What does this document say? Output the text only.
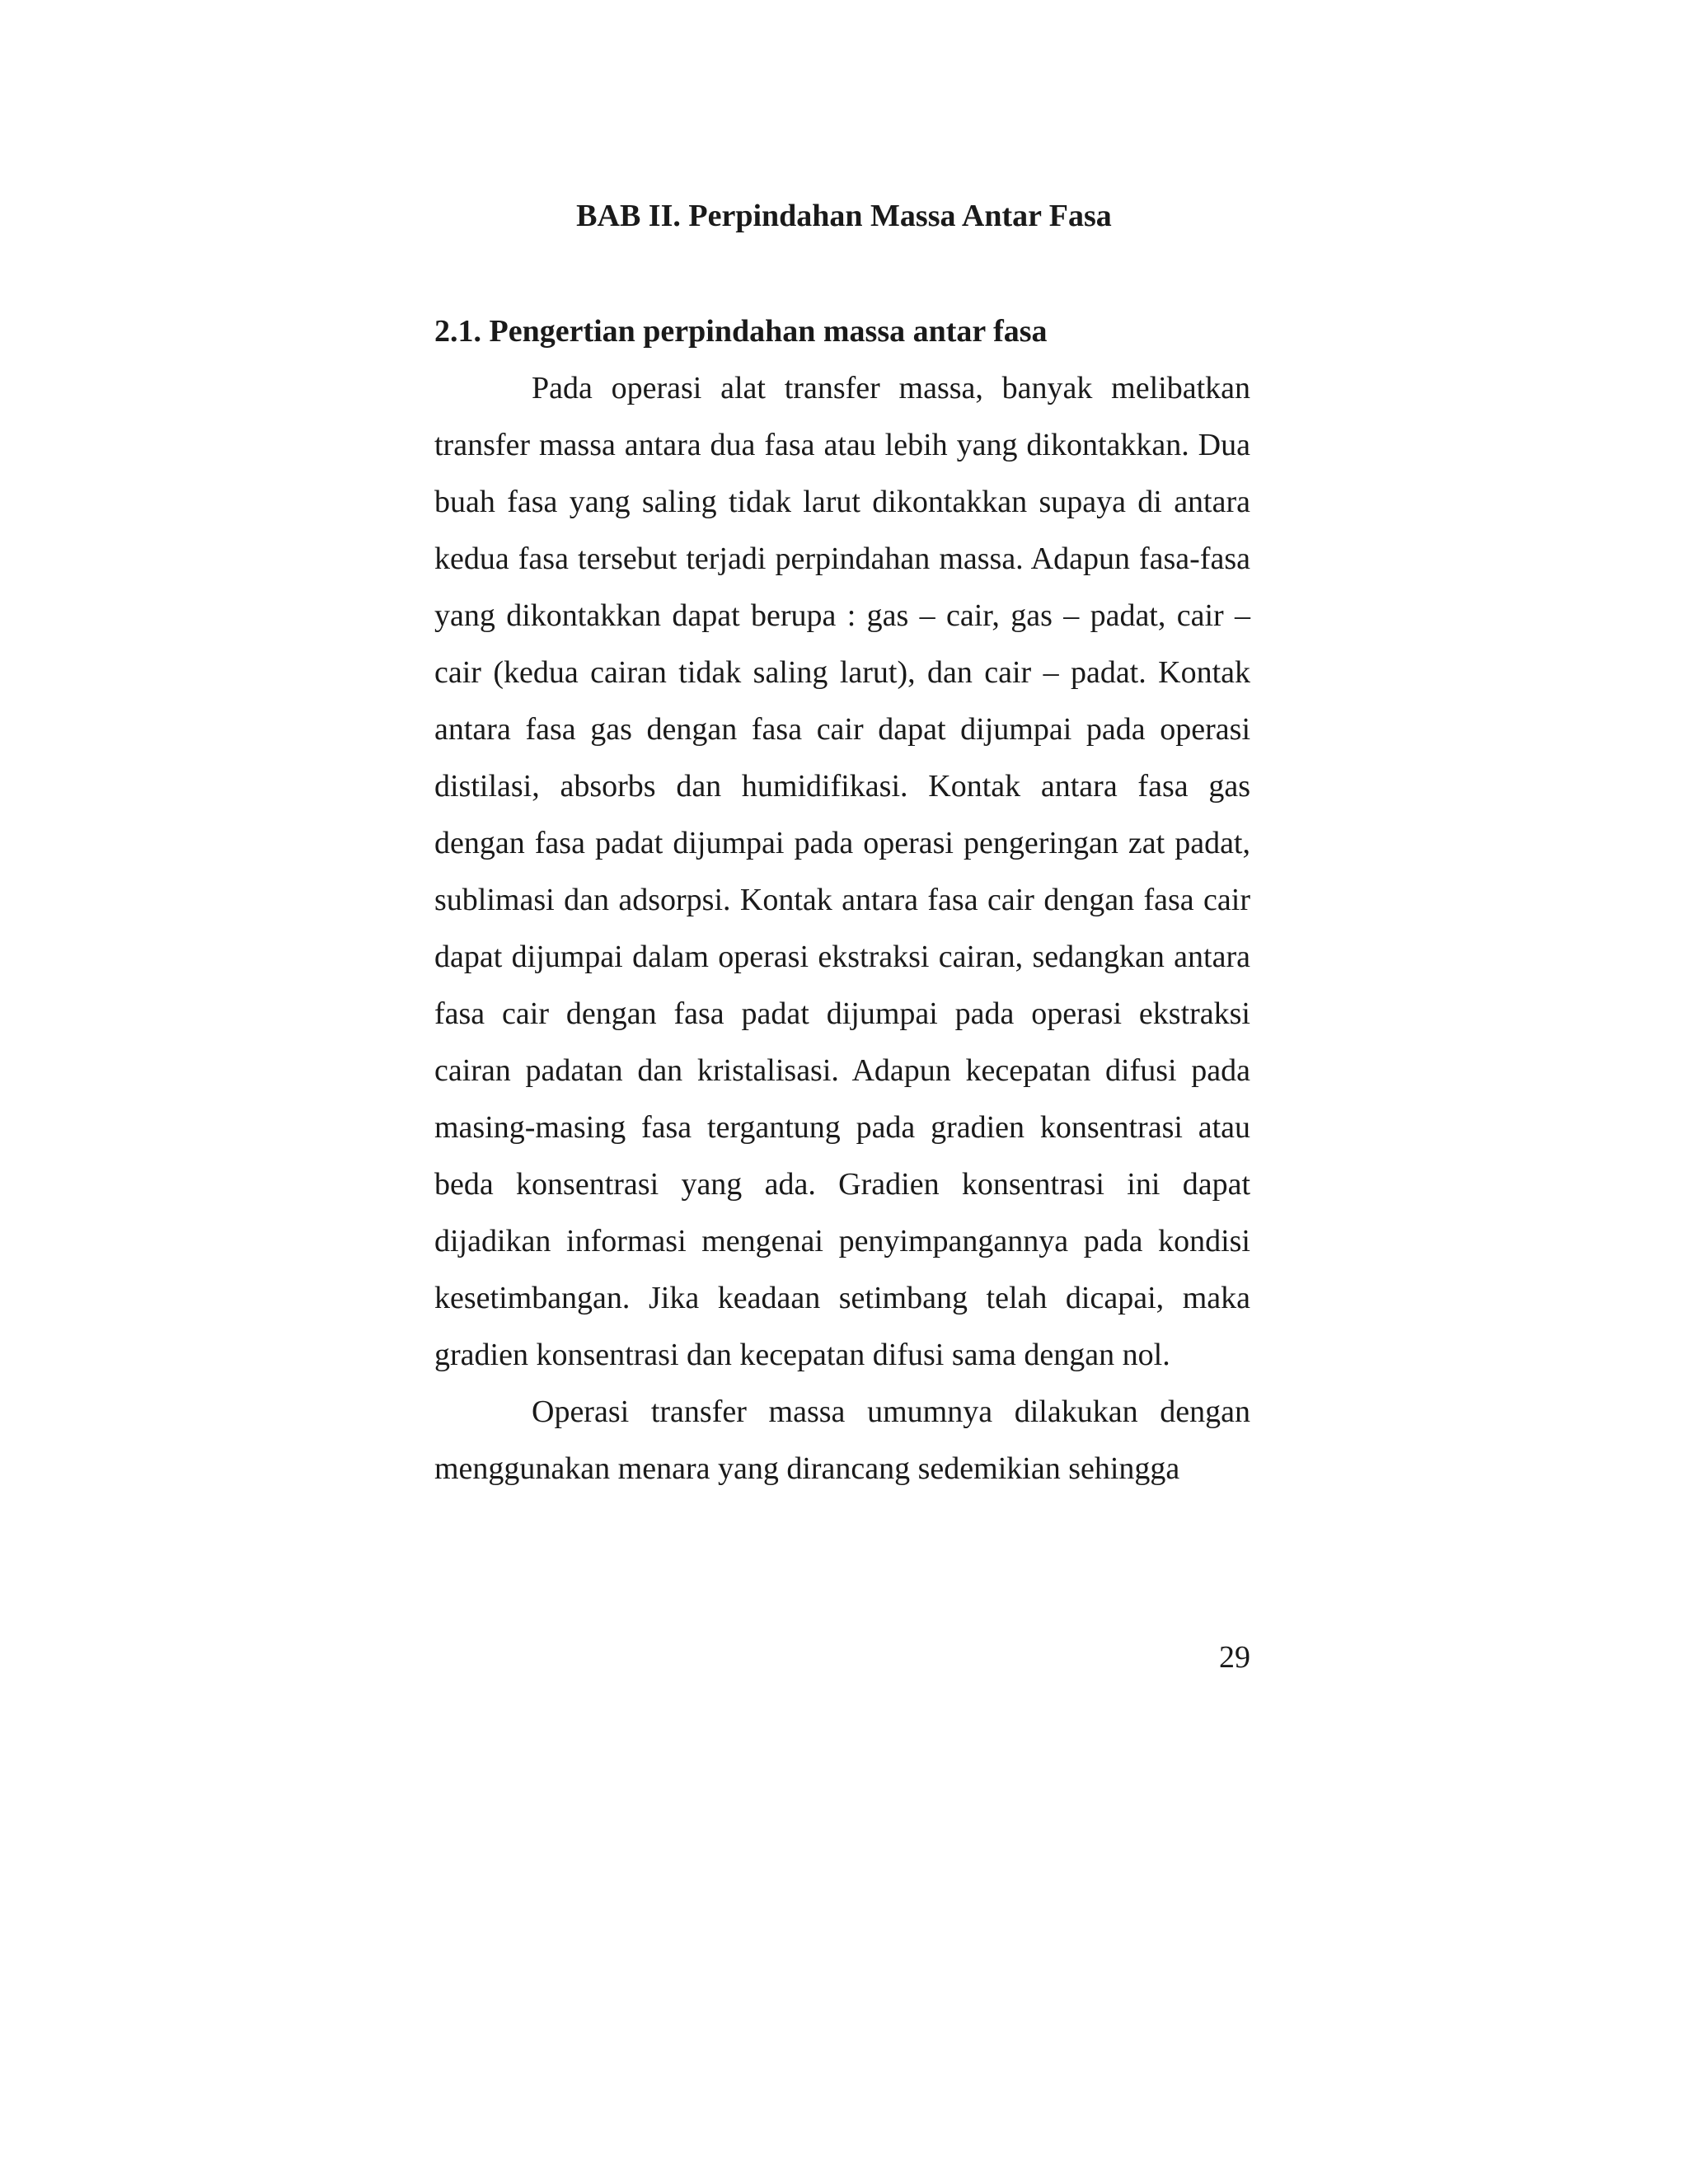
BAB II. Perpindahan Massa Antar Fasa
2.1. Pengertian perpindahan massa antar fasa

Pada operasi alat transfer massa, banyak melibatkan transfer massa antara dua fasa atau lebih yang dikontakkan. Dua buah fasa yang saling tidak larut dikontakkan supaya di antara kedua fasa tersebut terjadi perpindahan massa. Adapun fasa-fasa yang dikontakkan dapat berupa : gas – cair, gas – padat, cair – cair (kedua cairan tidak saling larut), dan cair – padat. Kontak antara fasa gas dengan fasa cair dapat dijumpai pada operasi distilasi, absorbs dan humidifikasi. Kontak antara fasa gas dengan fasa padat dijumpai pada operasi pengeringan zat padat, sublimasi dan adsorpsi. Kontak antara fasa cair dengan fasa cair dapat dijumpai dalam operasi ekstraksi cairan, sedangkan antara fasa cair dengan fasa padat dijumpai pada operasi ekstraksi cairan padatan dan kristalisasi. Adapun kecepatan difusi pada masing-masing fasa tergantung pada gradien konsentrasi atau beda konsentrasi yang ada. Gradien konsentrasi ini dapat dijadikan informasi mengenai penyimpangannya pada kondisi kesetimbangan. Jika keadaan setimbang telah dicapai, maka gradien konsentrasi dan kecepatan difusi sama dengan nol.

Operasi transfer massa umumnya dilakukan dengan menggunakan menara yang dirancang sedemikian sehingga

29
